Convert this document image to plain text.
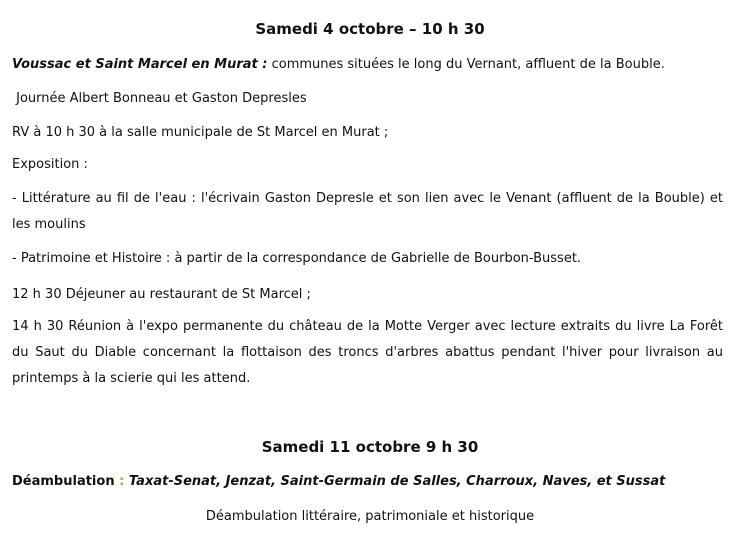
Samedi 4 octobre – 10 h 30
Voussac et Saint Marcel en Murat : communes situées le long du Vernant, affluent de la Bouble.
Journée Albert Bonneau et Gaston Depresles
RV à 10 h 30 à la salle municipale de St Marcel en Murat ;
Exposition :
- Littérature au fil de l'eau : l'écrivain Gaston Depresle et son lien avec le Venant (affluent de la Bouble) et les moulins
- Patrimoine et Histoire : à partir de la correspondance de Gabrielle de Bourbon-Busset.
12 h 30 Déjeuner au restaurant de St Marcel ;
14 h 30 Réunion à l'expo permanente du château de la Motte Verger avec lecture extraits du livre La Forêt du Saut du Diable concernant la flottaison des troncs d'arbres abattus pendant l'hiver pour livraison au printemps à la scierie qui les attend.
Samedi 11 octobre 9 h 30
Déambulation : Taxat-Senat, Jenzat, Saint-Germain de Salles, Charroux, Naves, et Sussat
Déambulation littéraire, patrimoniale et historique
